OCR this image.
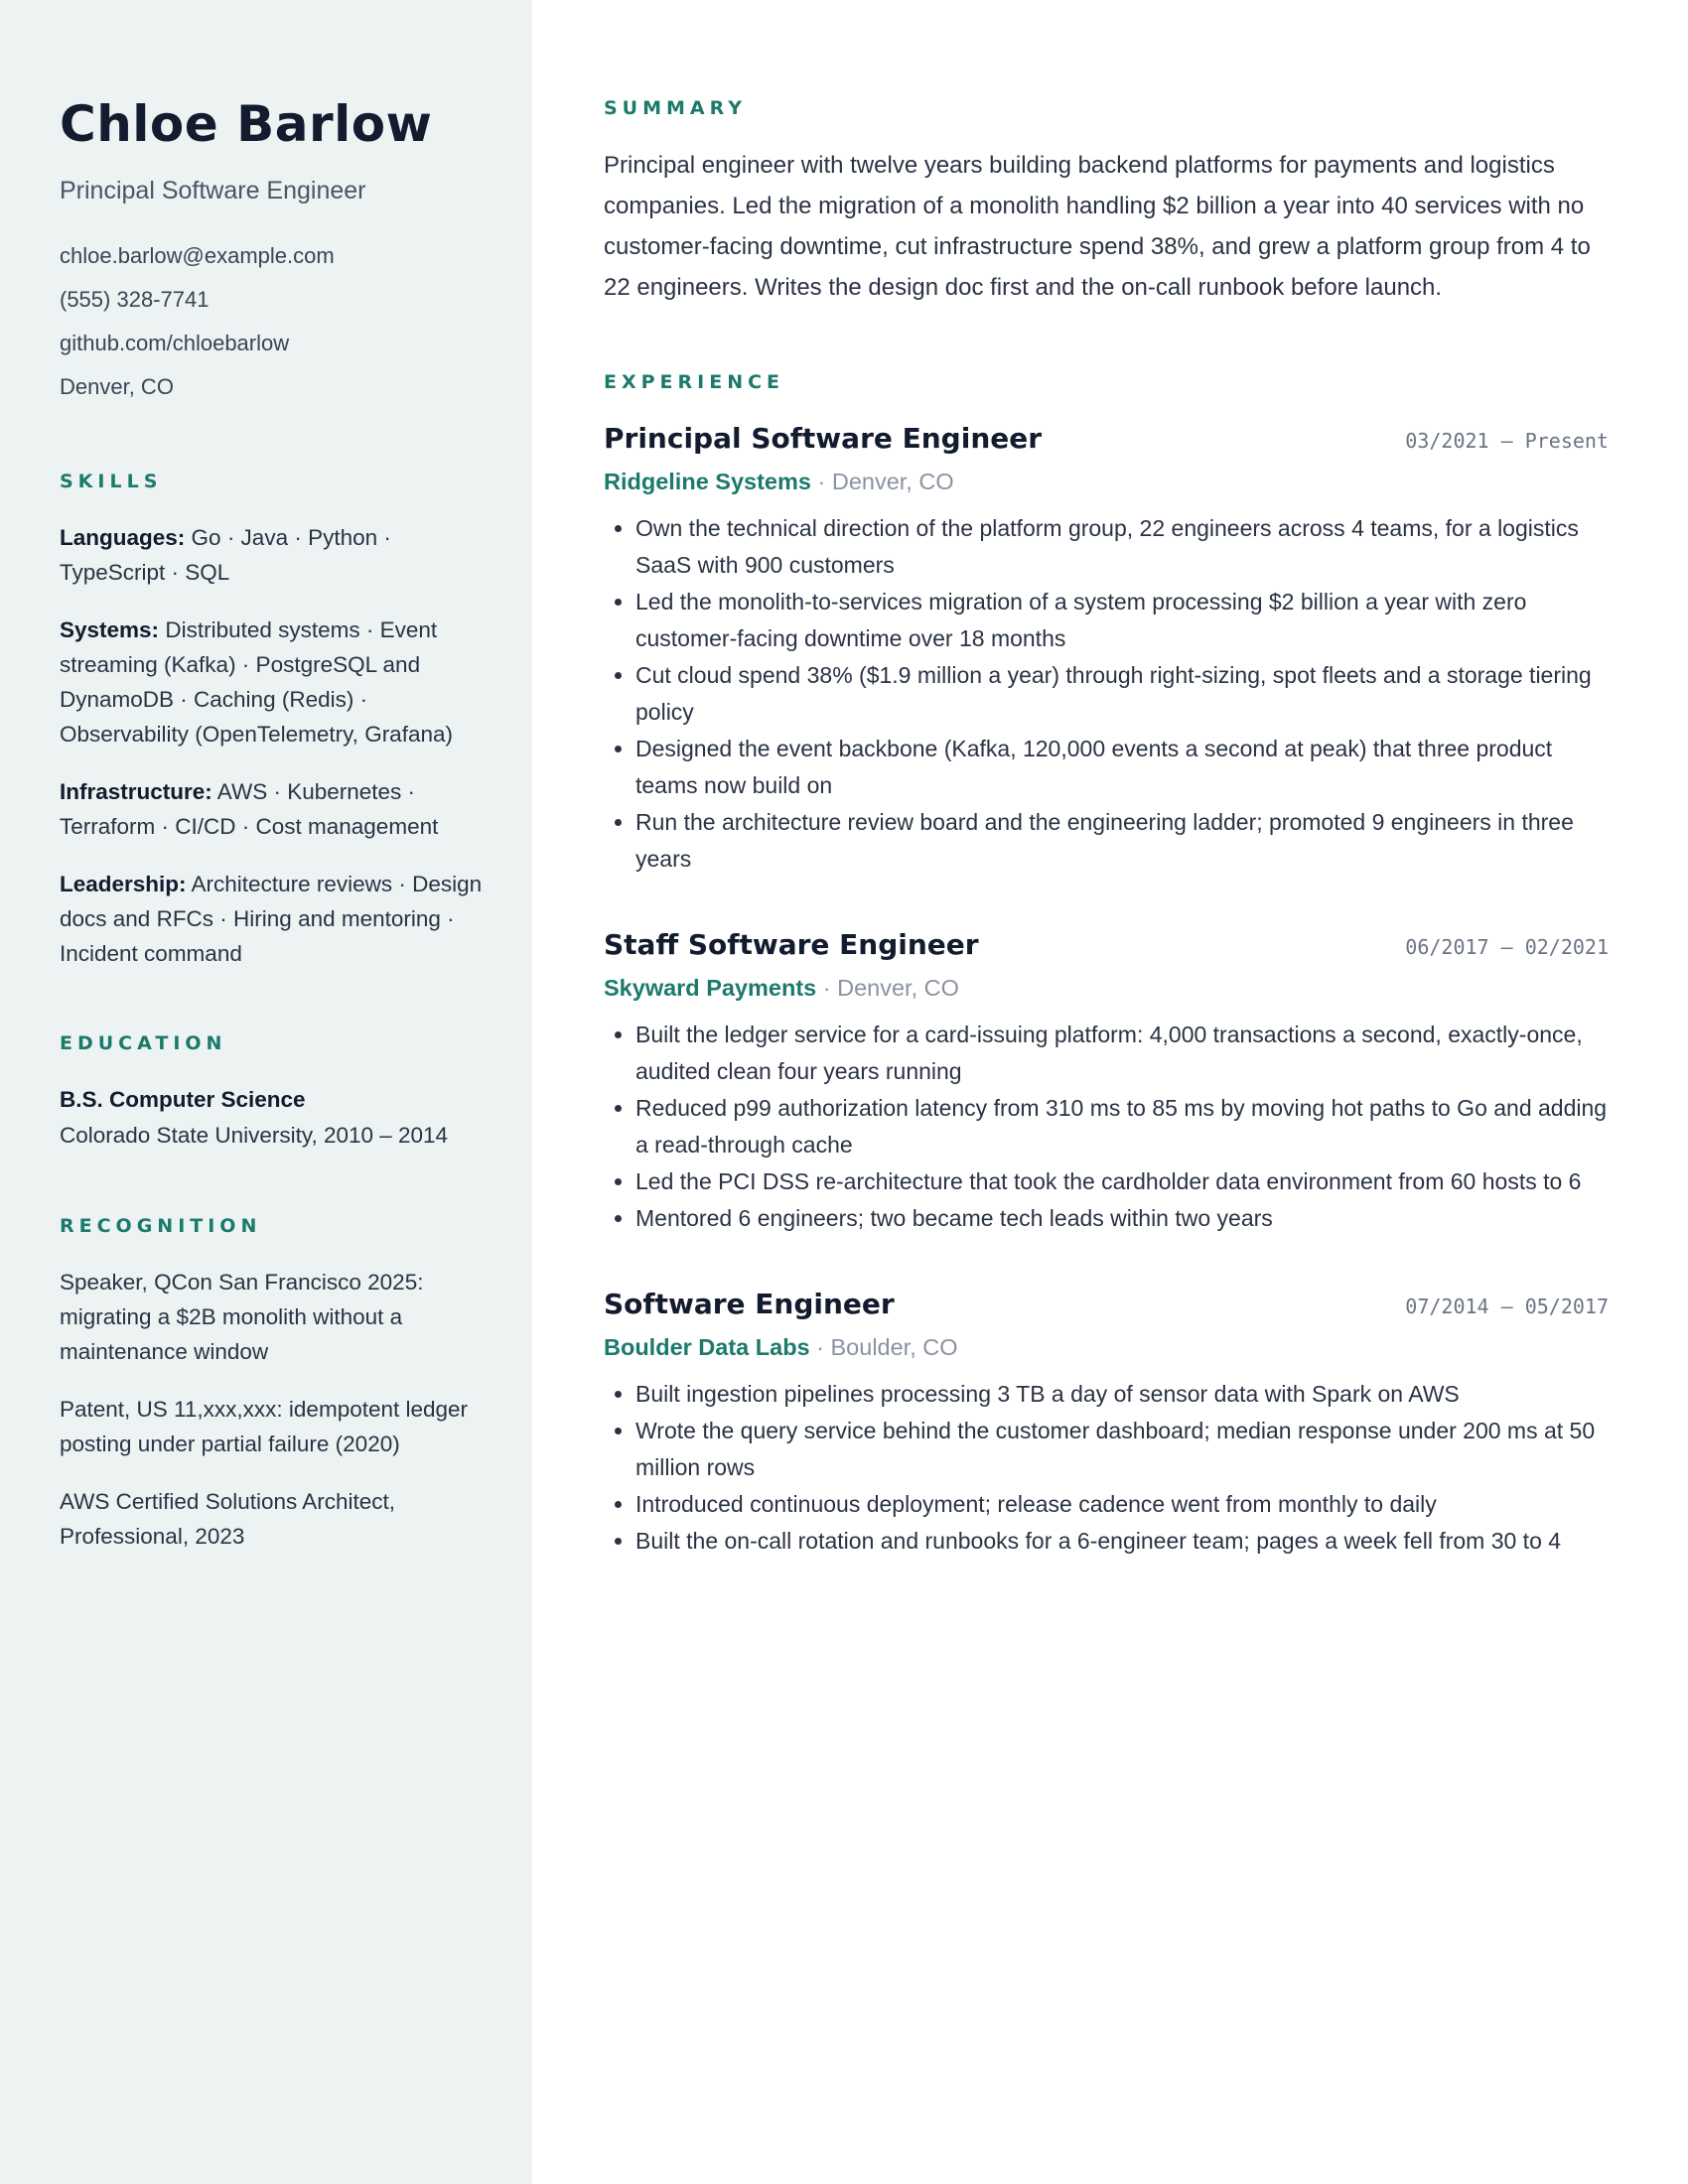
Chloe Barlow
Principal Software Engineer
chloe.barlow@example.com
(555) 328-7741
github.com/chloebarlow
Denver, CO
SKILLS
Languages: Go · Java · Python · TypeScript · SQL
Systems: Distributed systems · Event streaming (Kafka) · PostgreSQL and DynamoDB · Caching (Redis) · Observability (OpenTelemetry, Grafana)
Infrastructure: AWS · Kubernetes · Terraform · CI/CD · Cost management
Leadership: Architecture reviews · Design docs and RFCs · Hiring and mentoring · Incident command
EDUCATION
B.S. Computer Science
Colorado State University, 2010 – 2014
RECOGNITION
Speaker, QCon San Francisco 2025: migrating a $2B monolith without a maintenance window
Patent, US 11,xxx,xxx: idempotent ledger posting under partial failure (2020)
AWS Certified Solutions Architect, Professional, 2023
SUMMARY

Principal engineer with twelve years building backend platforms for payments and logistics companies. Led the migration of a monolith handling $2 billion a year into 40 services with no customer-facing downtime, cut infrastructure spend 38%, and grew a platform group from 4 to 22 engineers. Writes the design doc first and the on-call runbook before launch.

EXPERIENCE
Principal Software Engineer	03/2021 – Present
Ridgeline Systems · Denver, CO
• Own the technical direction of the platform group, 22 engineers across 4 teams, for a logistics SaaS with 900 customers
• Led the monolith-to-services migration of a system processing $2 billion a year with zero customer-facing downtime over 18 months
• Cut cloud spend 38% ($1.9 million a year) through right-sizing, spot fleets and a storage tiering policy
• Designed the event backbone (Kafka, 120,000 events a second at peak) that three product teams now build on
• Run the architecture review board and the engineering ladder; promoted 9 engineers in three years
Staff Software Engineer	06/2017 – 02/2021
Skyward Payments · Denver, CO
• Built the ledger service for a card-issuing platform: 4,000 transactions a second, exactly-once, audited clean four years running
• Reduced p99 authorization latency from 310 ms to 85 ms by moving hot paths to Go and adding a read-through cache
• Led the PCI DSS re-architecture that took the cardholder data environment from 60 hosts to 6
• Mentored 6 engineers; two became tech leads within two years
Software Engineer	07/2014 – 05/2017
Boulder Data Labs · Boulder, CO
• Built ingestion pipelines processing 3 TB a day of sensor data with Spark on AWS
• Wrote the query service behind the customer dashboard; median response under 200 ms at 50 million rows
• Introduced continuous deployment; release cadence went from monthly to daily
• Built the on-call rotation and runbooks for a 6-engineer team; pages a week fell from 30 to 4
